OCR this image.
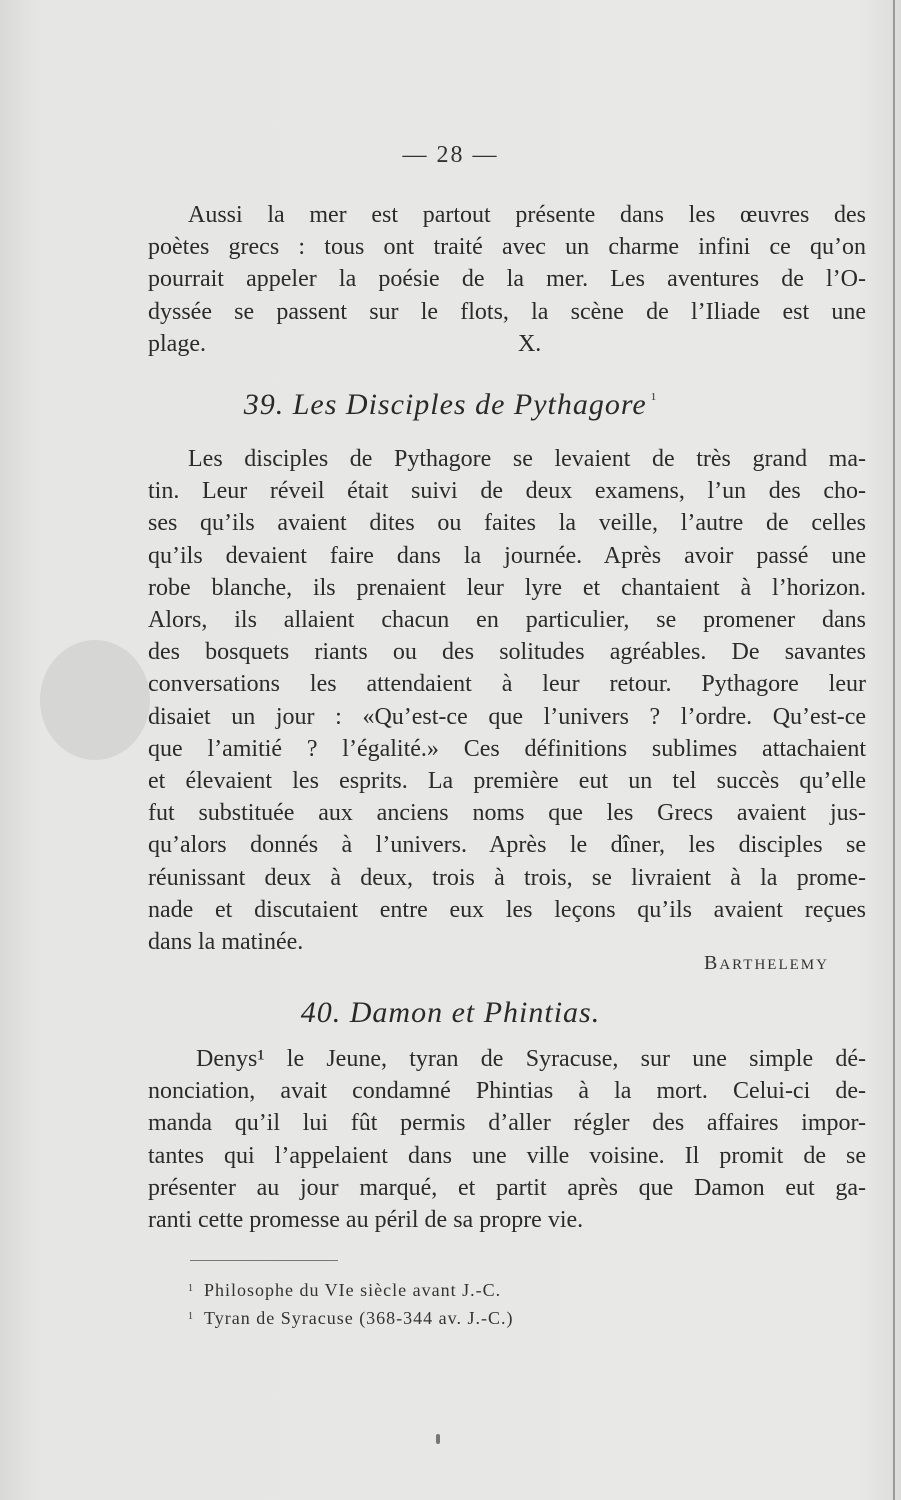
— 28 —
Aussi la mer est partout présente dans les œuvres des
poètes grecs : tous ont traité avec un charme infini ce qu’on
pourrait appeler la poésie de la mer. Les aventures de l’O-
dyssée se passent sur le flots, la scène de l’Iliade est une
plage.                                                    X.
39. Les Disciples de Pythagore $^1$
Les disciples de Pythagore se levaient de très grand ma-
tin. Leur réveil était suivi de deux examens, l’un des cho-
ses qu’ils avaient dites ou faites la veille, l’autre de celles
qu’ils devaient faire dans la journée. Après avoir passé une
robe blanche, ils prenaient leur lyre et chantaient à l’horizon.
Alors, ils allaient chacun en particulier, se promener dans
des bosquets riants ou des solitudes agréables. De savantes
conversations les attendaient à leur retour. Pythagore leur
disaiet un jour : «Qu’est-ce que l’univers ? l’ordre. Qu’est-ce
que l’amitié ? l’égalité.» Ces définitions sublimes attachaient
et élevaient les esprits. La première eut un tel succès qu’elle
fut substituée aux anciens noms que les Grecs avaient jus-
qu’alors donnés à l’univers. Après le dîner, les disciples se
réunissant deux à deux, trois à trois, se livraient à la prome-
nade et discutaient entre eux les leçons qu’ils avaient reçues
dans la matinée.
BARTHELEMY
40. Damon et Phintias.
Denys¹ le Jeune, tyran de Syracuse, sur une simple dé-
nonciation, avait condamné Phintias à la mort. Celui-ci de-
manda qu’il lui fût permis d’aller régler des affaires impor-
tantes qui l’appelaient dans une ville voisine. Il promit de se
présenter au jour marqué, et partit après que Damon eut ga-
ranti cette promesse au péril de sa propre vie.
$^1$ Philosophe du VIe siècle avant J.-C.
$^1$ Tyran de Syracuse (368-344 av. J.-C.)
